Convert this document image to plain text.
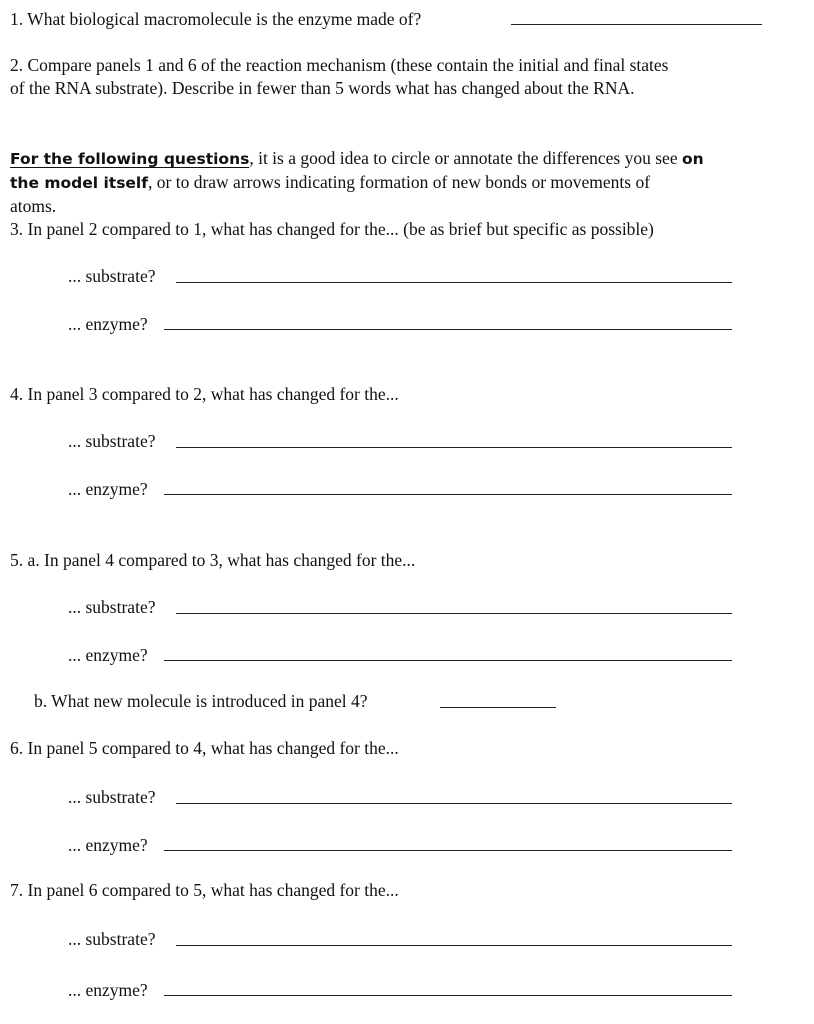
1. What biological macromolecule is the enzyme made of?
2. Compare panels 1 and 6 of the reaction mechanism (these contain the initial and final states
of the RNA substrate). Describe in fewer than 5 words what has changed about the RNA.
For the following questions, it is a good idea to circle or annotate the differences you see on
the model itself, or to draw arrows indicating formation of new bonds or movements of
atoms.
3. In panel 2 compared to 1, what has changed for the... (be as brief but specific as possible)
... substrate?
... enzyme?
4. In panel 3 compared to 2, what has changed for the...
... substrate?
... enzyme?
5. a. In panel 4 compared to 3, what has changed for the...
... substrate?
... enzyme?
b. What new molecule is introduced in panel 4?
6. In panel 5 compared to 4, what has changed for the...
... substrate?
... enzyme?
7. In panel 6 compared to 5, what has changed for the...
... substrate?
... enzyme?
